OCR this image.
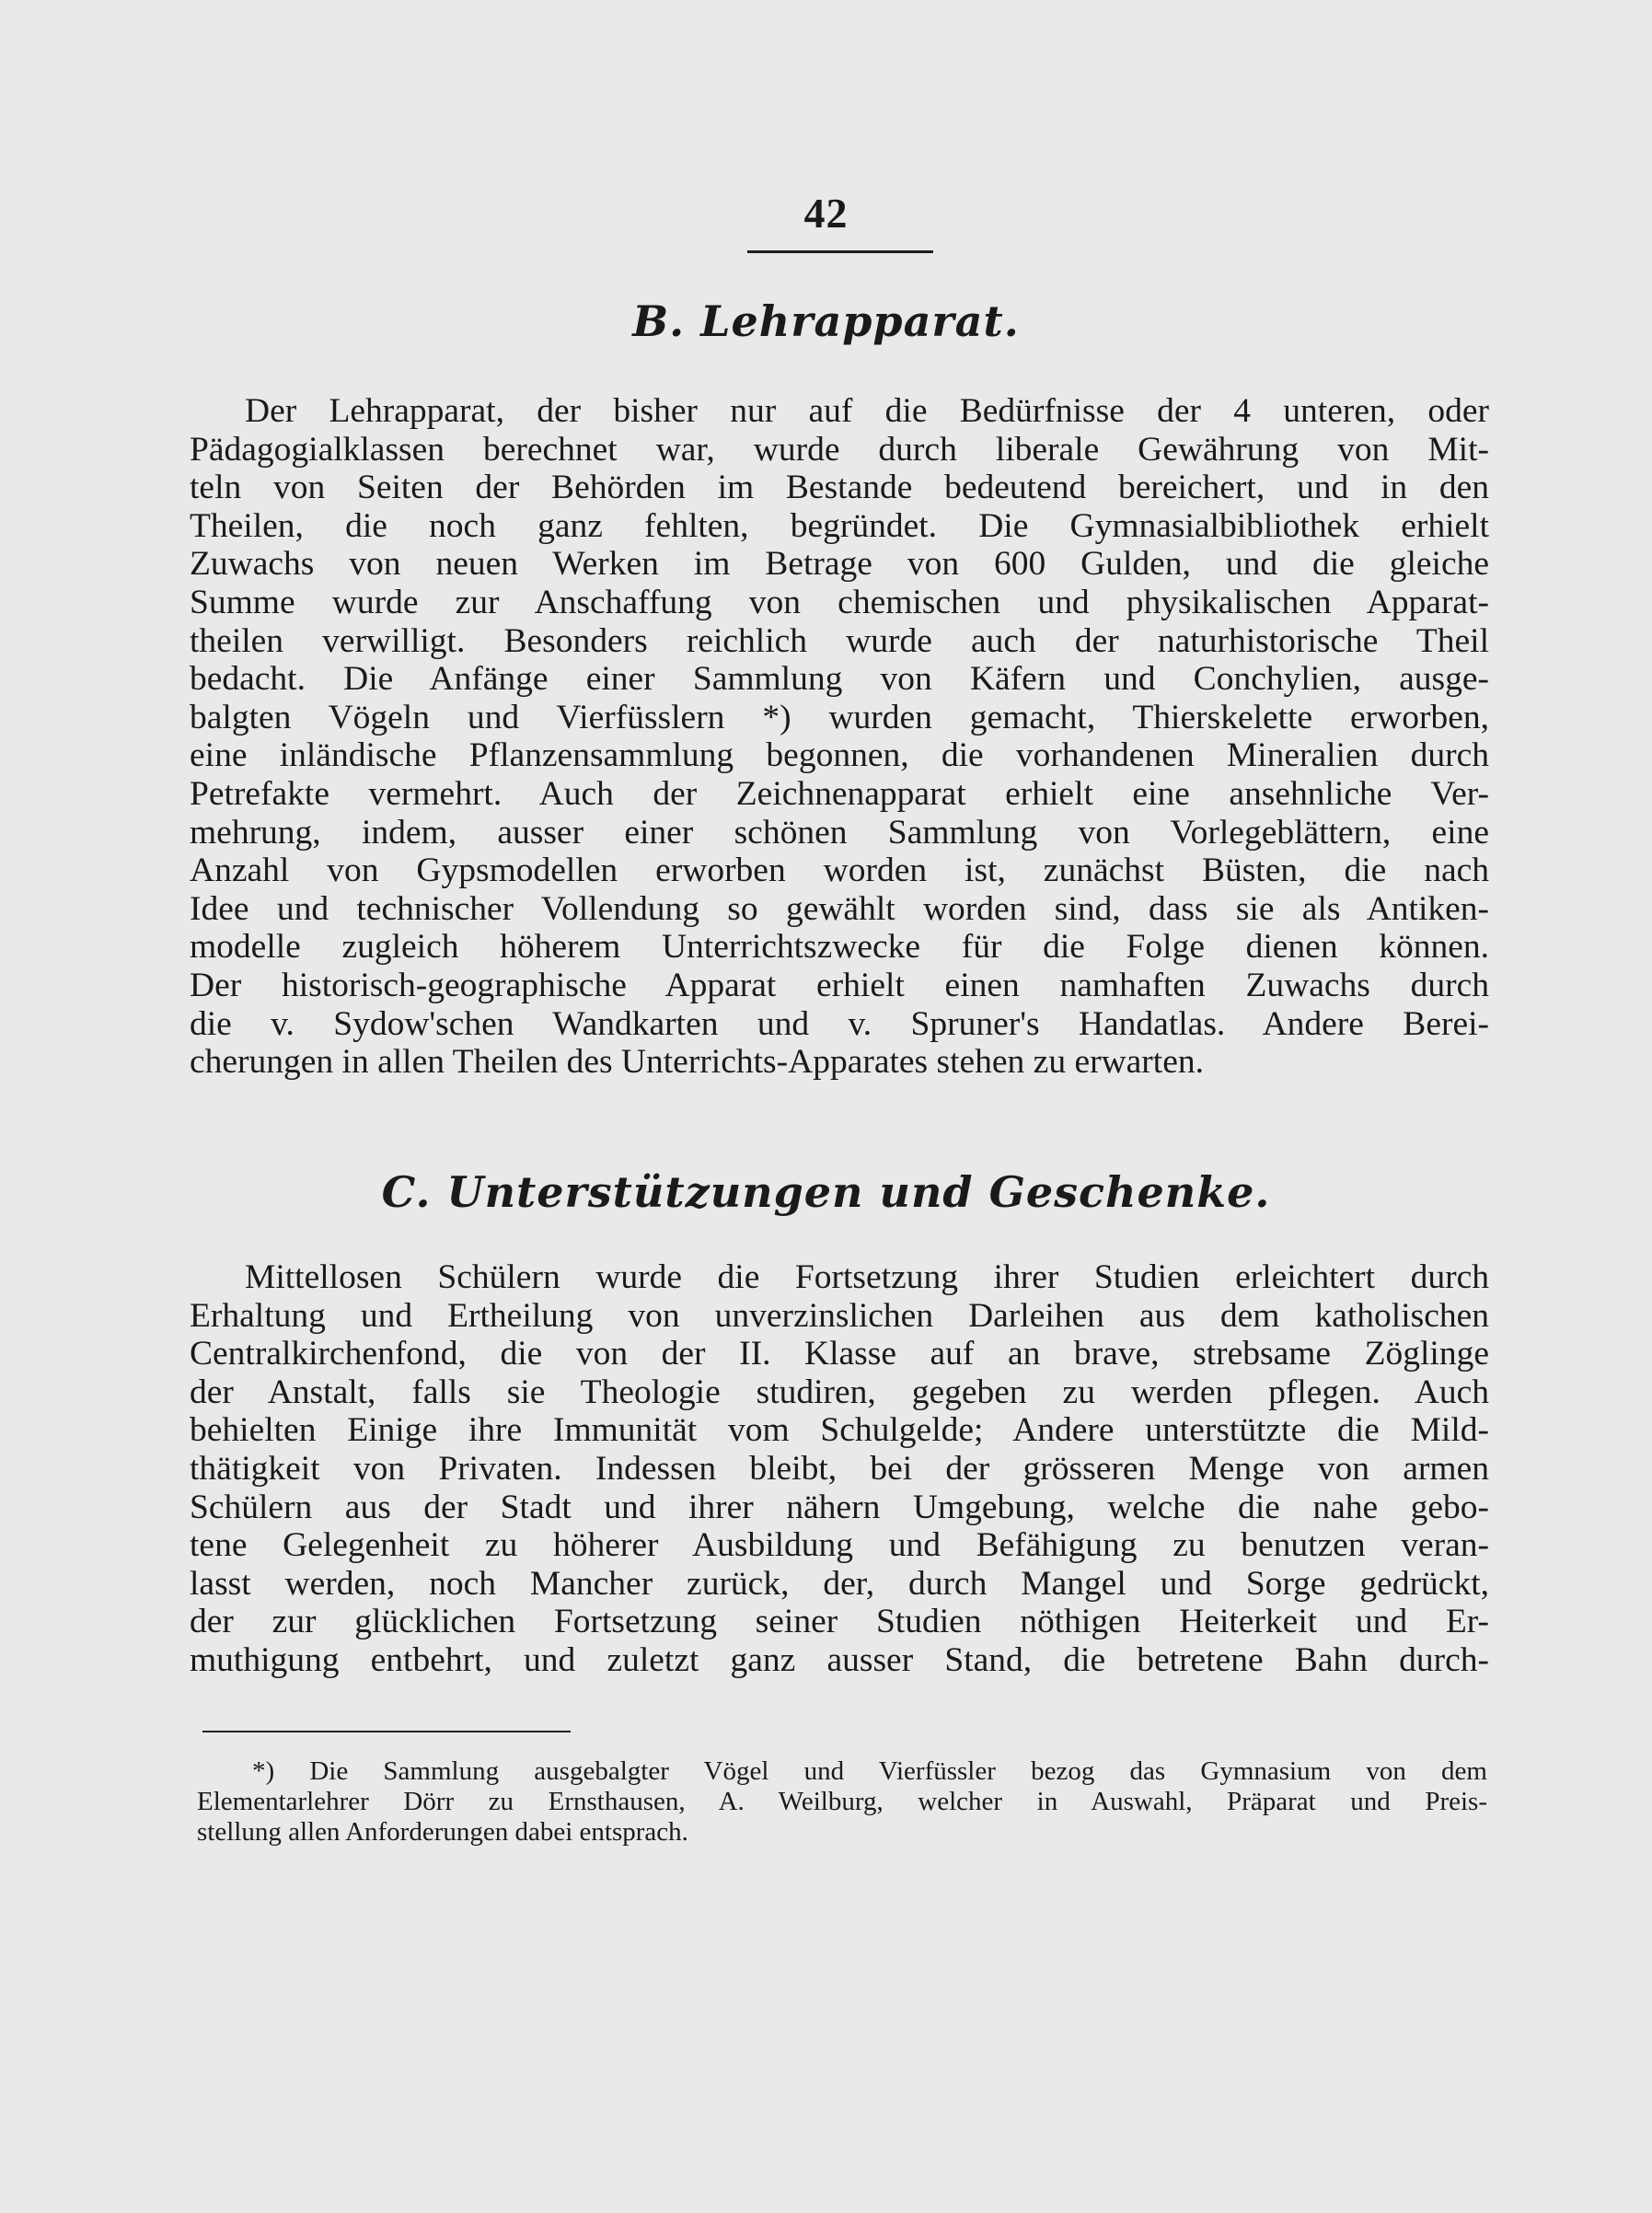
42
B. Lehrapparat.
Der Lehrapparat, der bisher nur auf die Bedürfnisse der 4 unteren, oder
Pädagogialklassen berechnet war, wurde durch liberale Gewährung von Mit-
teln von Seiten der Behörden im Bestande bedeutend bereichert, und in den
Theilen, die noch ganz fehlten, begründet. Die Gymnasialbibliothek erhielt
Zuwachs von neuen Werken im Betrage von 600 Gulden, und die gleiche
Summe wurde zur Anschaffung von chemischen und physikalischen Apparat-
theilen verwilligt. Besonders reichlich wurde auch der naturhistorische Theil
bedacht. Die Anfänge einer Sammlung von Käfern und Conchylien, ausge-
balgten Vögeln und Vierfüsslern *) wurden gemacht, Thierskelette erworben,
eine inländische Pflanzensammlung begonnen, die vorhandenen Mineralien durch
Petrefakte vermehrt. Auch der Zeichnenapparat erhielt eine ansehnliche Ver-
mehrung, indem, ausser einer schönen Sammlung von Vorlegeblättern, eine
Anzahl von Gypsmodellen erworben worden ist, zunächst Büsten, die nach
Idee und technischer Vollendung so gewählt worden sind, dass sie als Antiken-
modelle zugleich höherem Unterrichtszwecke für die Folge dienen können.
Der historisch-geographische Apparat erhielt einen namhaften Zuwachs durch
die v. Sydow'schen Wandkarten und v. Spruner's Handatlas. Andere Berei-
cherungen in allen Theilen des Unterrichts-Apparates stehen zu erwarten.
C. Unterstützungen und Geschenke.
Mittellosen Schülern wurde die Fortsetzung ihrer Studien erleichtert durch
Erhaltung und Ertheilung von unverzinslichen Darleihen aus dem katholischen
Centralkirchenfond, die von der II. Klasse auf an brave, strebsame Zöglinge
der Anstalt, falls sie Theologie studiren, gegeben zu werden pflegen. Auch
behielten Einige ihre Immunität vom Schulgelde; Andere unterstützte die Mild-
thätigkeit von Privaten. Indessen bleibt, bei der grösseren Menge von armen
Schülern aus der Stadt und ihrer nähern Umgebung, welche die nahe gebo-
tene Gelegenheit zu höherer Ausbildung und Befähigung zu benutzen veran-
lasst werden, noch Mancher zurück, der, durch Mangel und Sorge gedrückt,
der zur glücklichen Fortsetzung seiner Studien nöthigen Heiterkeit und Er-
muthigung entbehrt, und zuletzt ganz ausser Stand, die betretene Bahn durch-
*) Die Sammlung ausgebalgter Vögel und Vierfüssler bezog das Gymnasium von dem
Elementarlehrer Dörr zu Ernsthausen, A. Weilburg, welcher in Auswahl, Präparat und Preis-
stellung allen Anforderungen dabei entsprach.
